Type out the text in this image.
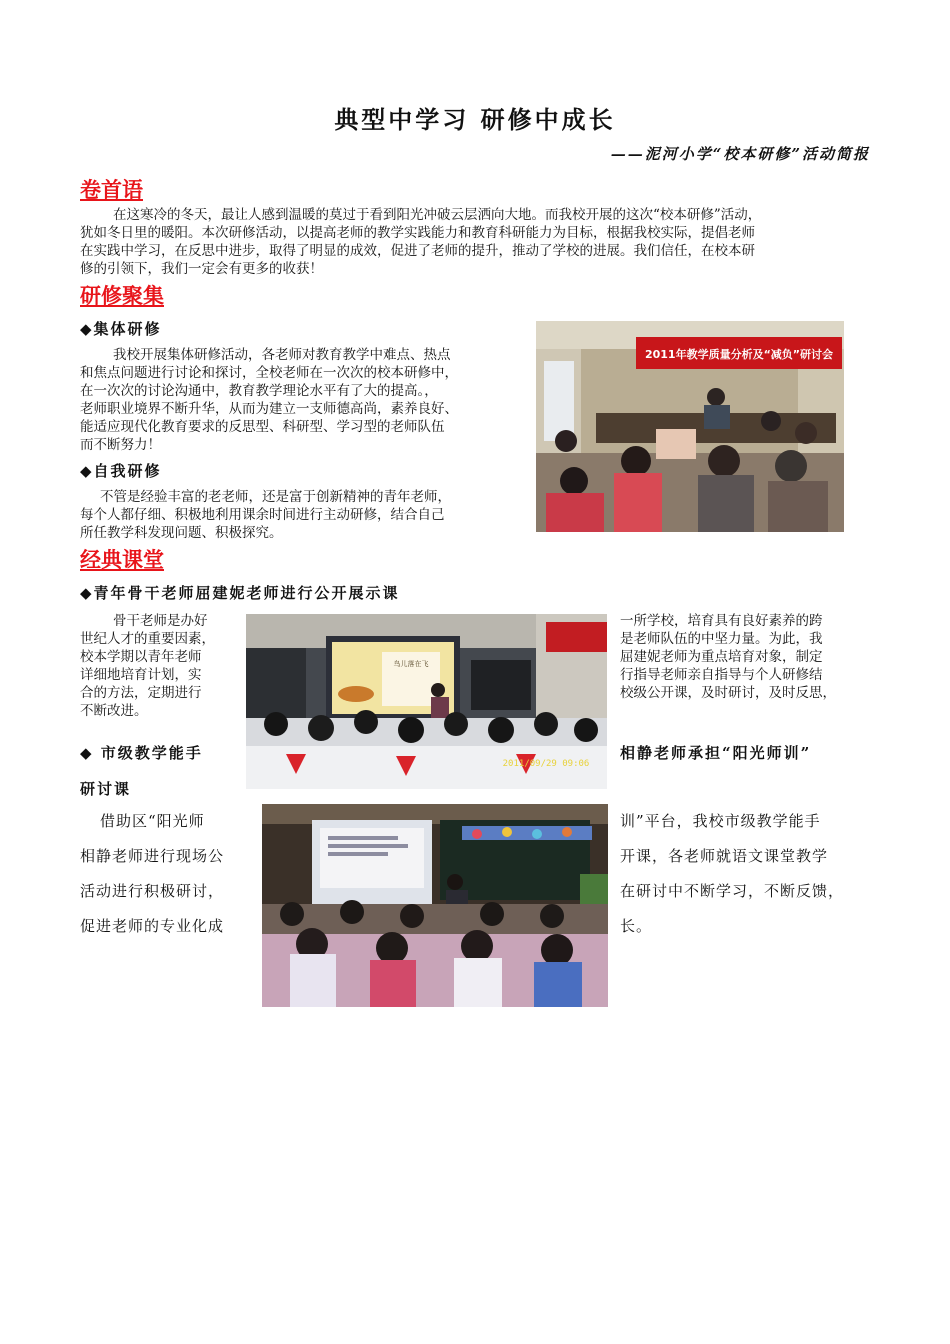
典型中学习 研修中成长
——泥河小学“校本研修”活动简报
卷首语
在这寒冷的冬天，最让人感到温暖的莫过于看到阳光冲破云层洒向大地。而我校开展的这次“校本研修”活动，
犹如冬日里的暖阳。本次研修活动，以提高老师的教学实践能力和教育科研能力为目标，根据我校实际，提倡老师
在实践中学习，在反思中进步，取得了明显的成效，促进了老师的提升，推动了学校的进展。我们信任，在校本研
修的引领下，我们一定会有更多的收获！
研修聚集
◆集体研修
我校开展集体研修活动，各老师对教育教学中难点、热点
和焦点问题进行讨论和探讨，全校老师在一次次的校本研修中，
在一次次的讨论沟通中，教育教学理论水平有了大的提高。，
老师职业境界不断升华，从而为建立一支师德高尚，素养良好、
能适应现代化教育要求的反思型、科研型、学习型的老师队伍
而不断努力！
◆自我研修
不管是经验丰富的老老师，还是富于创新精神的青年老师，
每个人都仔细、积极地利用课余时间进行主动研修，结合自己
所任教学科发现问题、积极探究。
2011年教学质量分析及“减负”研讨会
经典课堂
◆青年骨干老师屈建妮老师进行公开展示课
骨干老师是办好
世纪人才的重要因素，
校本学期以青年老师
详细地培育计划，实
合的方法，定期进行
不断改进。
鸟儿落在飞
2011/09/29 09:06
一所学校，培育具有良好素养的跨
是老师队伍的中坚力量。为此，我
屈建妮老师为重点培育对象，制定
行指导老师亲自指导与个人研修结
校级公开课，及时研讨，及时反思，
◆ 市级教学能手	相静老师承担“阳光师训”
研讨课
借助区“阳光师
相静老师进行现场公
活动进行积极研讨，
促进老师的专业化成
训”平台，我校市级教学能手
开课，各老师就语文课堂教学
在研讨中不断学习，不断反馈，
长。
